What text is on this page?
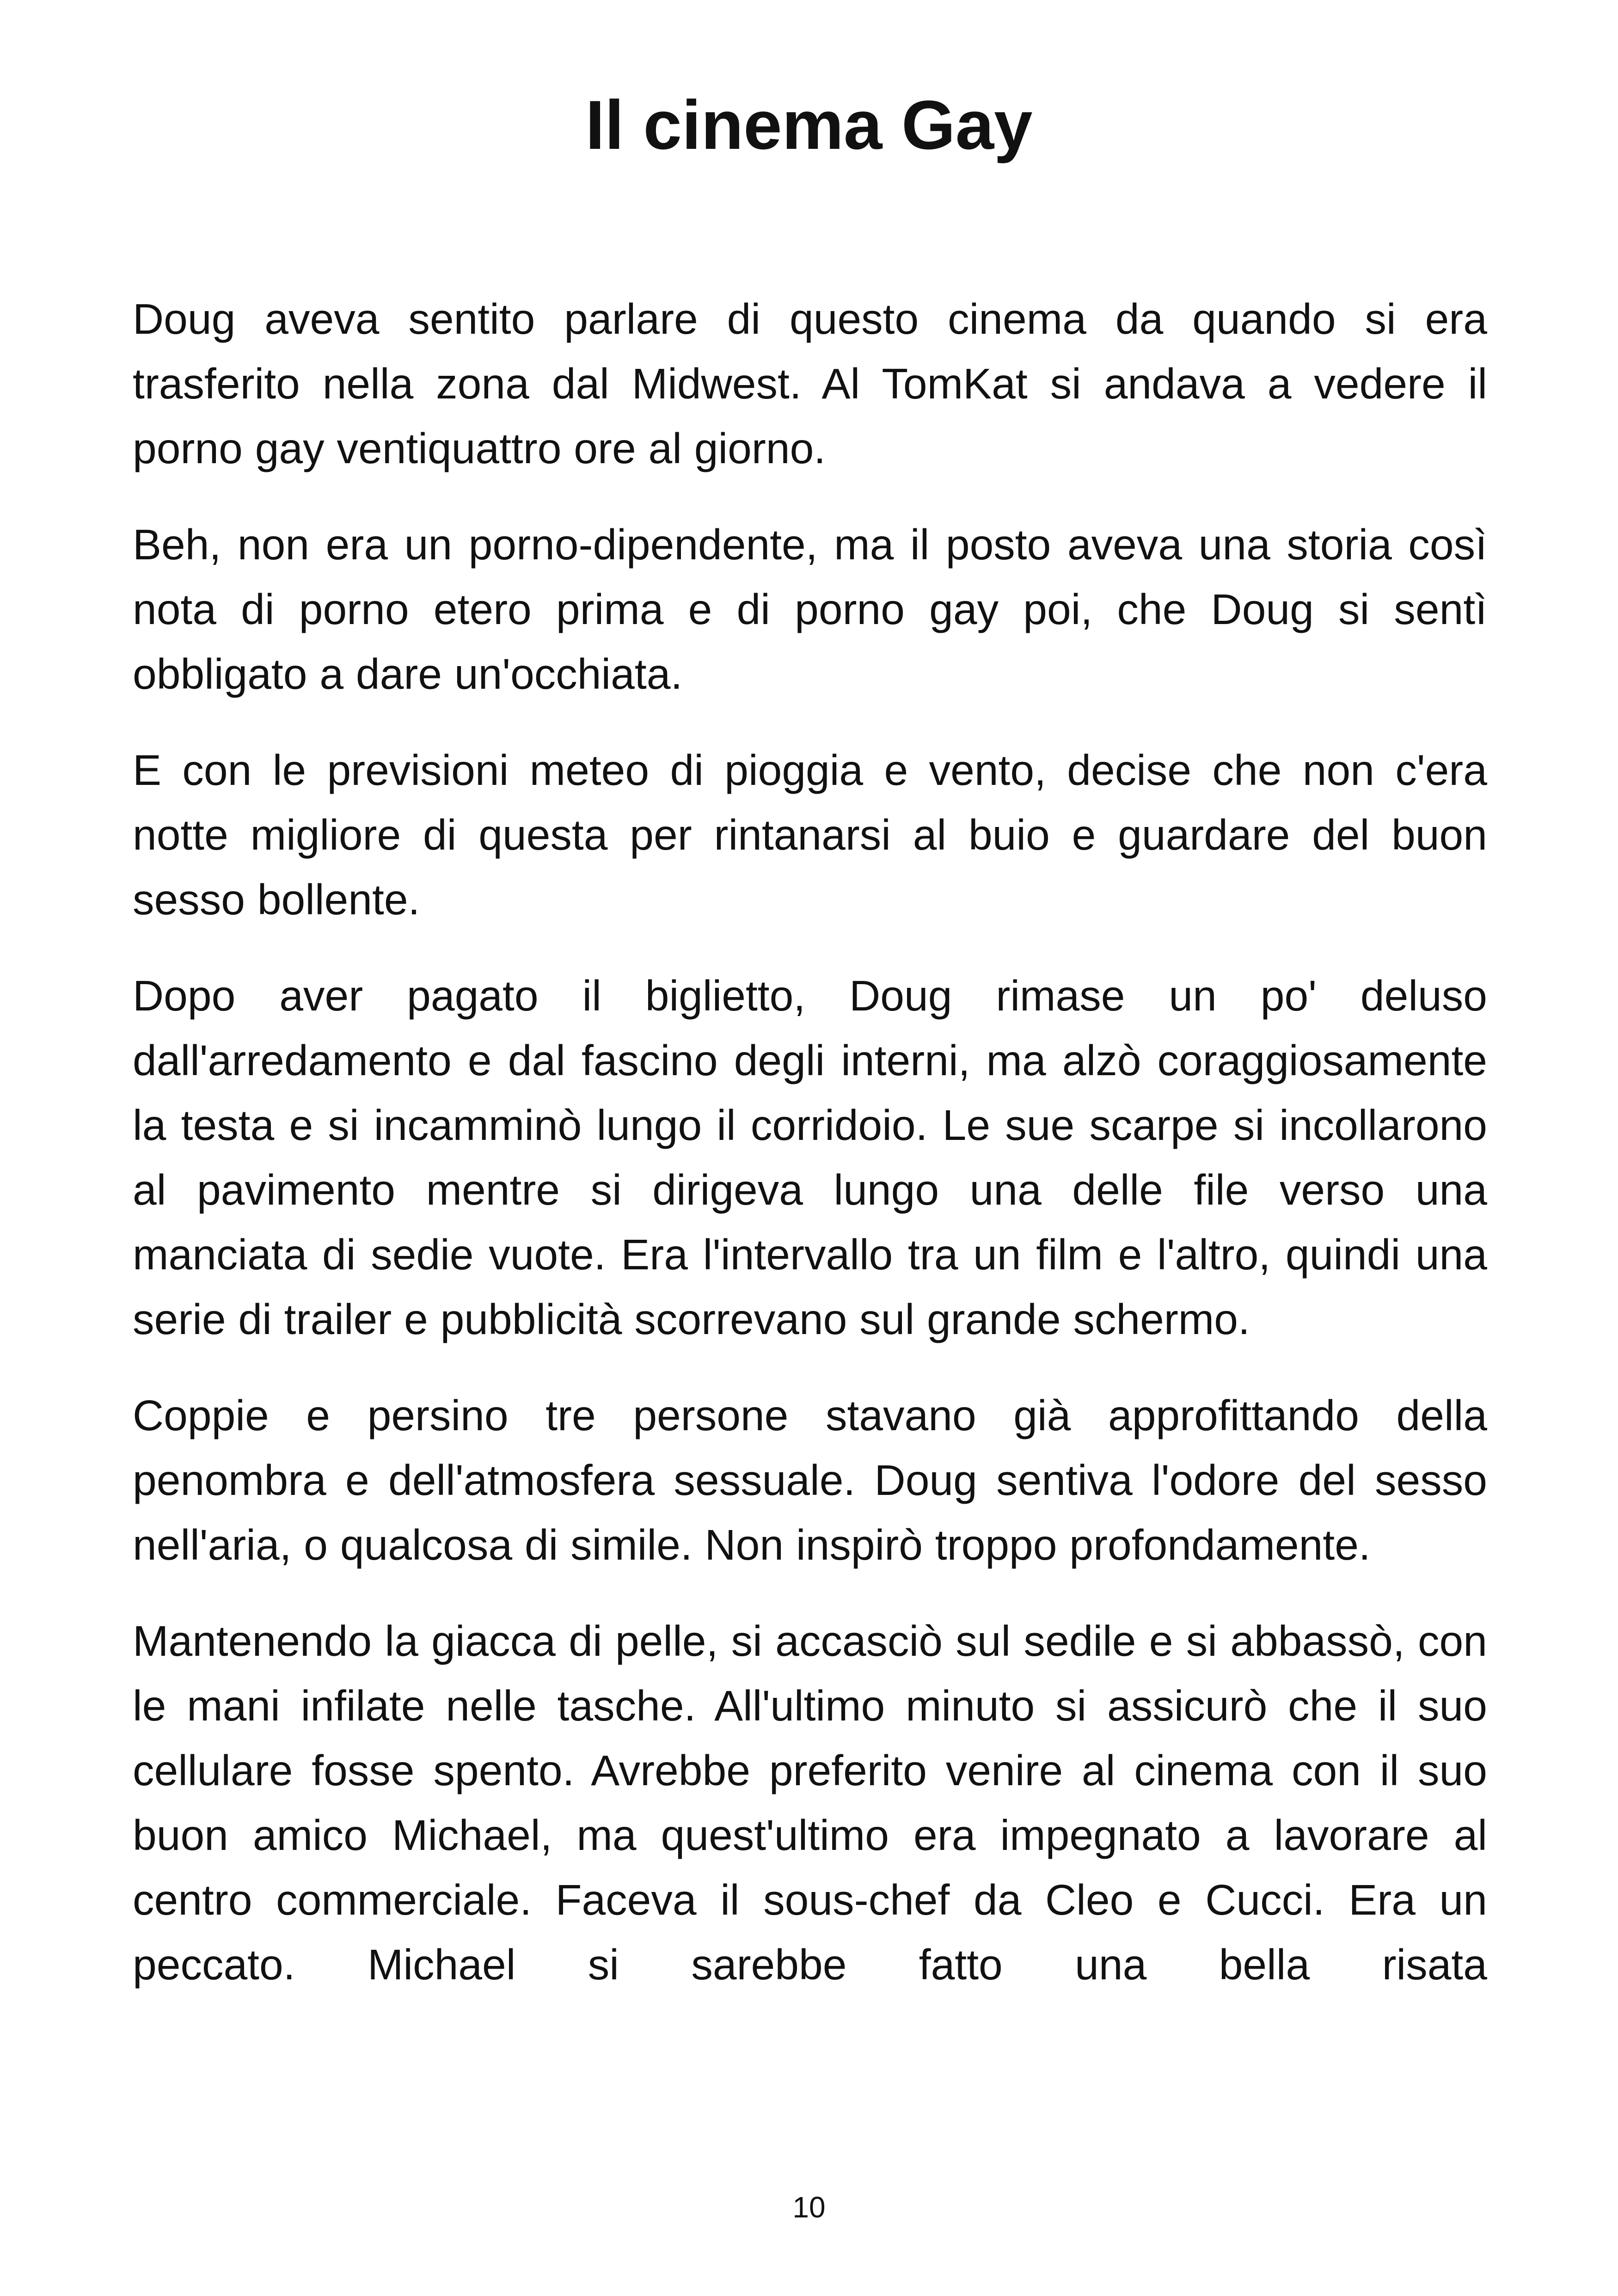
Il cinema Gay

Doug aveva sentito parlare di questo cinema da quando si era trasferito nella zona dal Midwest. Al TomKat si andava a vedere il porno gay ventiquattro ore al giorno.

Beh, non era un porno-dipendente, ma il posto aveva una storia così nota di porno etero prima e di porno gay poi, che Doug si sentì obbligato a dare un'occhiata.

E con le previsioni meteo di pioggia e vento, decise che non c'era notte migliore di questa per rintanarsi al buio e guardare del buon sesso bollente.

Dopo aver pagato il biglietto, Doug rimase un po' deluso dall'arredamento e dal fascino degli interni, ma alzò coraggiosamente la testa e si incamminò lungo il corridoio. Le sue scarpe si incollarono al pavimento mentre si dirigeva lungo una delle file verso una manciata di sedie vuote. Era l'intervallo tra un film e l'altro, quindi una serie di trailer e pubblicità scorrevano sul grande schermo.

Coppie e persino tre persone stavano già approfittando della penombra e dell'atmosfera sessuale. Doug sentiva l'odore del sesso nell'aria, o qualcosa di simile. Non inspirò troppo profondamente.

Mantenendo la giacca di pelle, si accasciò sul sedile e si abbassò, con le mani infilate nelle tasche. All'ultimo minuto si assicurò che il suo cellulare fosse spento. Avrebbe preferito venire al cinema con il suo buon amico Michael, ma quest'ultimo era impegnato a lavorare al centro commerciale. Faceva il sous-chef da Cleo e Cucci. Era un peccato. Michael si sarebbe fatto una bella risata

10
